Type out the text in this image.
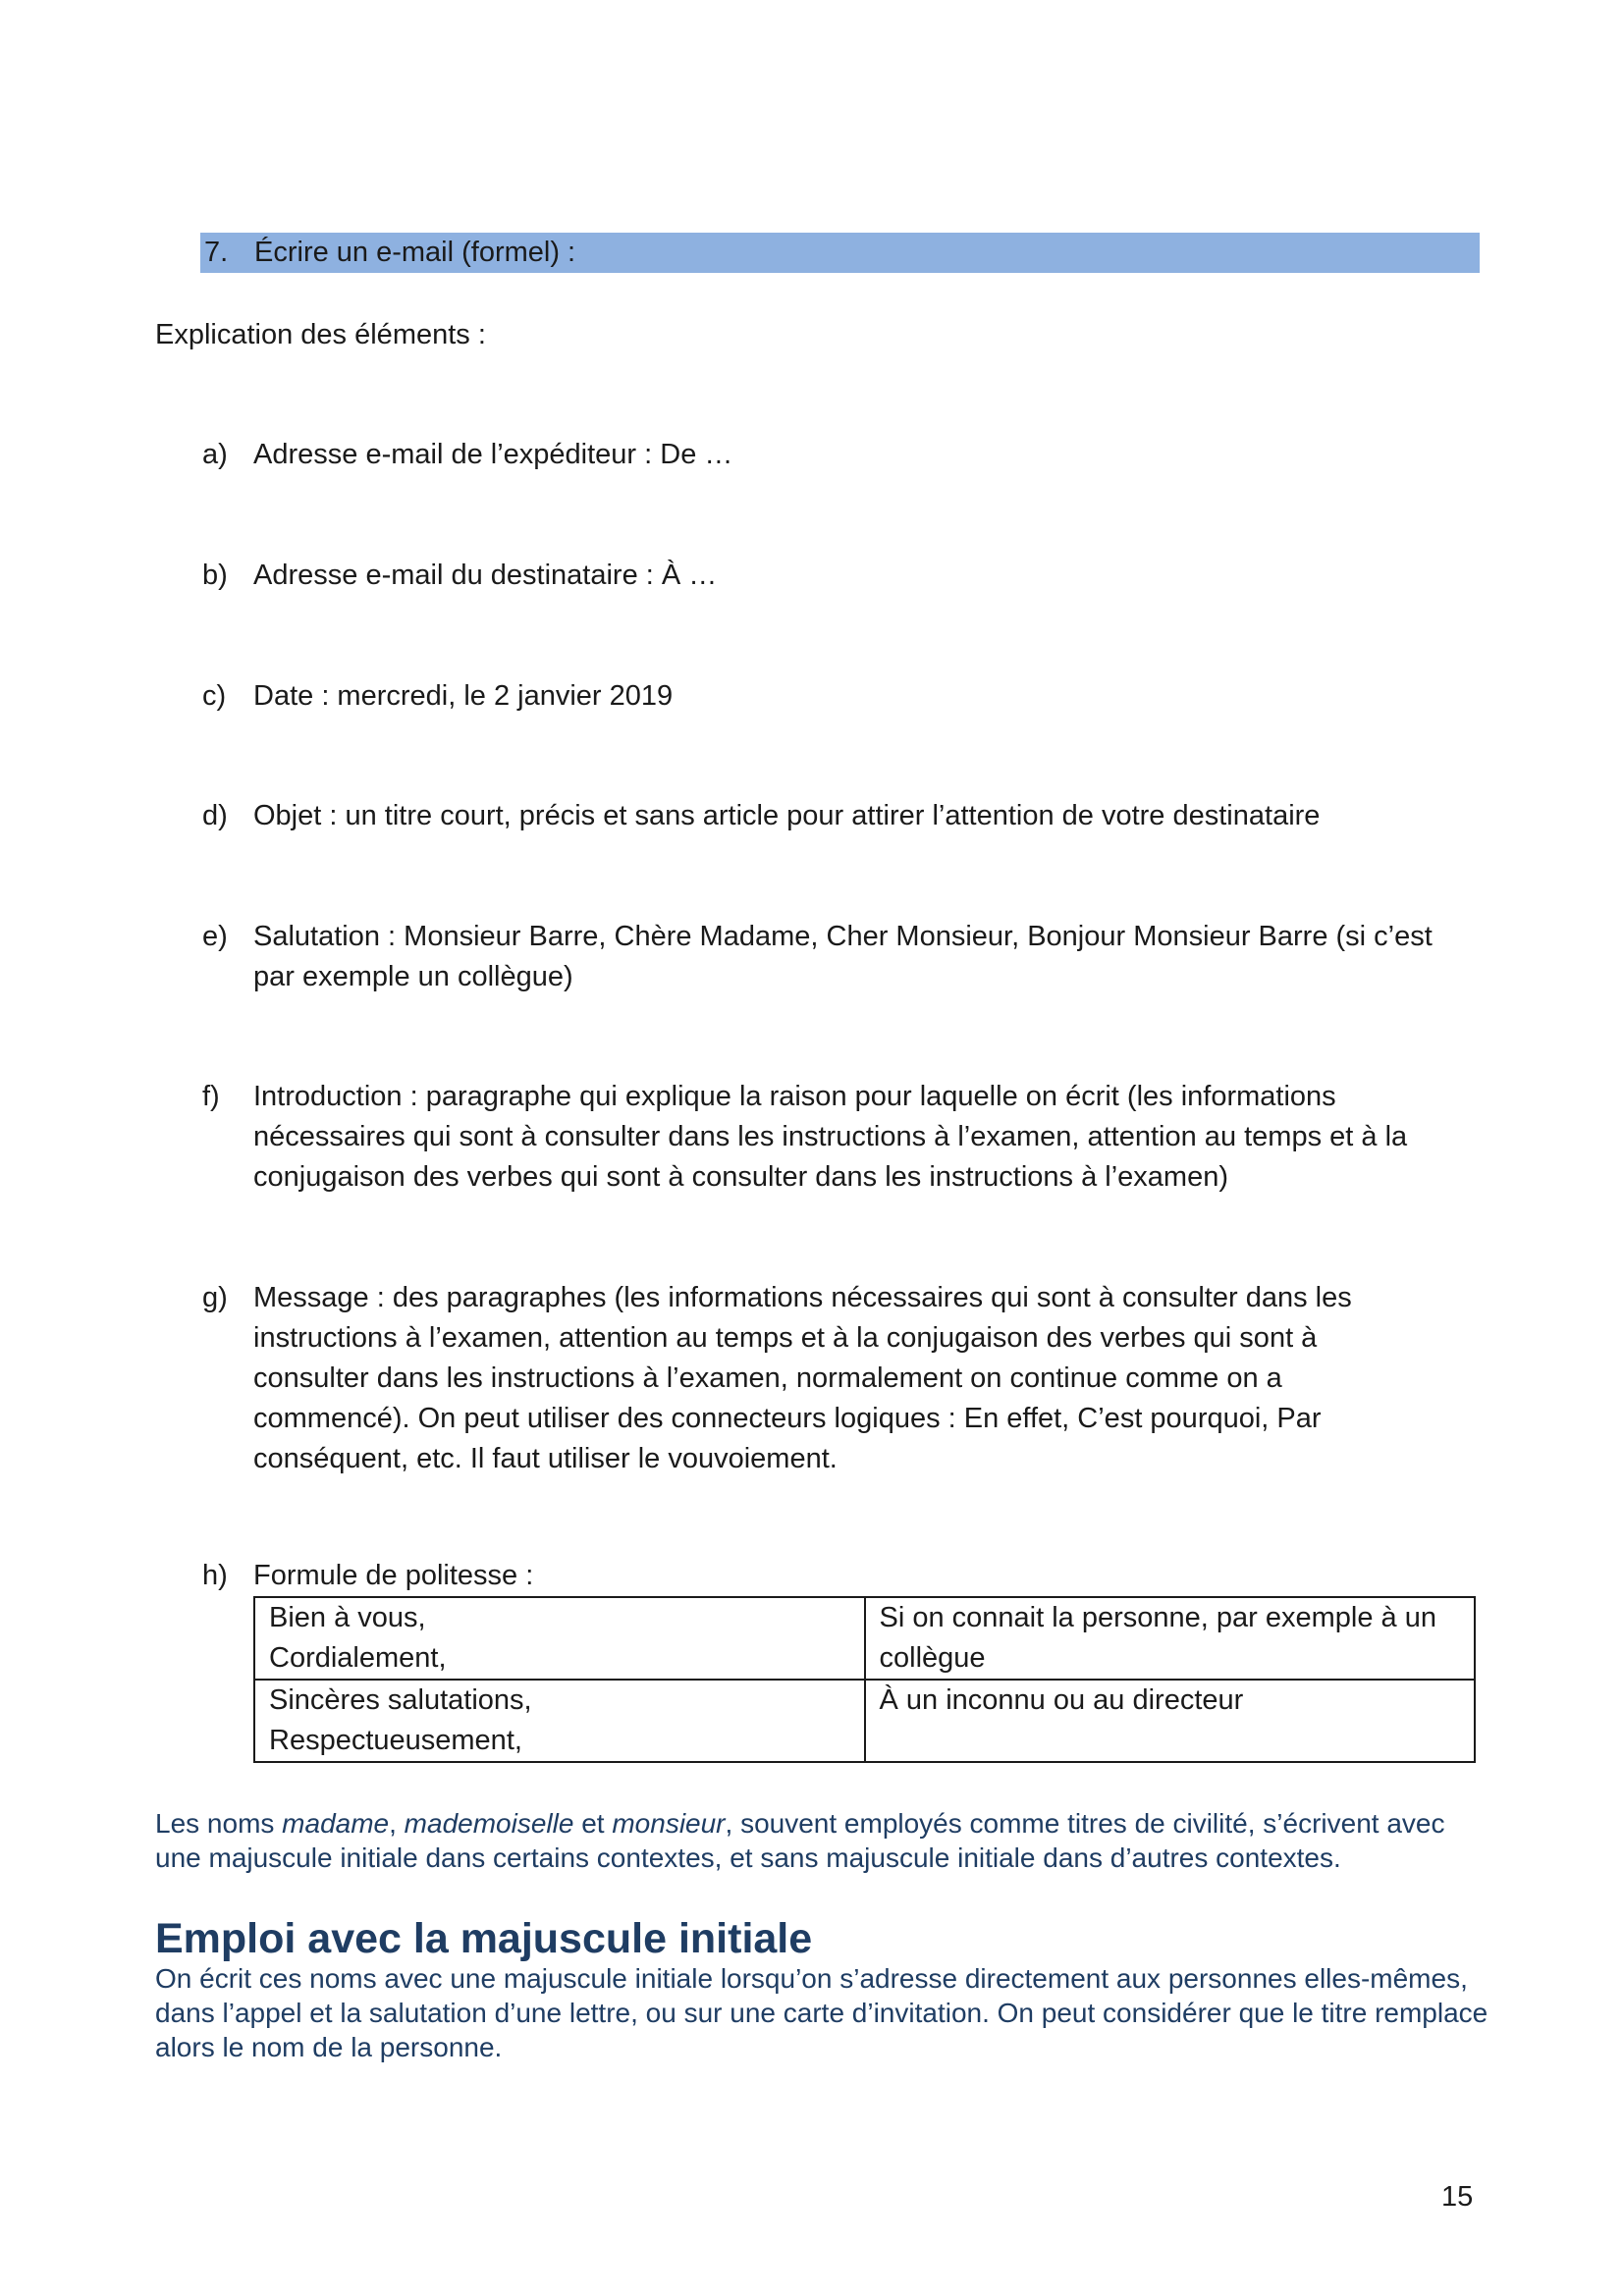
7. Écrire un e-mail (formel) :
Explication des éléments :
a) Adresse e-mail de l’expéditeur : De …
b) Adresse e-mail du destinataire : À …
c) Date : mercredi, le 2 janvier 2019
d) Objet : un titre court, précis et sans article pour attirer l’attention de votre destinataire
e) Salutation : Monsieur Barre, Chère Madame, Cher Monsieur, Bonjour Monsieur Barre (si c’est par exemple un collègue)
f) Introduction : paragraphe qui explique la raison pour laquelle on écrit (les informations nécessaires qui sont à consulter dans les instructions à l’examen, attention au temps et à la conjugaison des verbes qui sont à consulter dans les instructions à l’examen)
g) Message : des paragraphes (les informations nécessaires qui sont à consulter dans les instructions à l’examen, attention au temps et à la conjugaison des verbes qui sont à consulter dans les instructions à l’examen, normalement on continue comme on a commencé). On peut utiliser des connecteurs logiques : En effet, C’est pourquoi, Par conséquent, etc. Il faut utiliser le vouvoiement.
h) Formule de politesse :
Bien à vous,
Cordialement,	Si on connait la personne, par exemple à un collègue

Sincères salutations,
Respectueusement,	À un inconnu ou au directeur
Les noms madame, mademoiselle et monsieur, souvent employés comme titres de civilité, s’écrivent avec une majuscule initiale dans certains contextes, et sans majuscule initiale dans d’autres contextes.
Emploi avec la majuscule initiale
On écrit ces noms avec une majuscule initiale lorsqu’on s’adresse directement aux personnes elles-mêmes, dans l’appel et la salutation d’une lettre, ou sur une carte d’invitation. On peut considérer que le titre remplace alors le nom de la personne.
15
